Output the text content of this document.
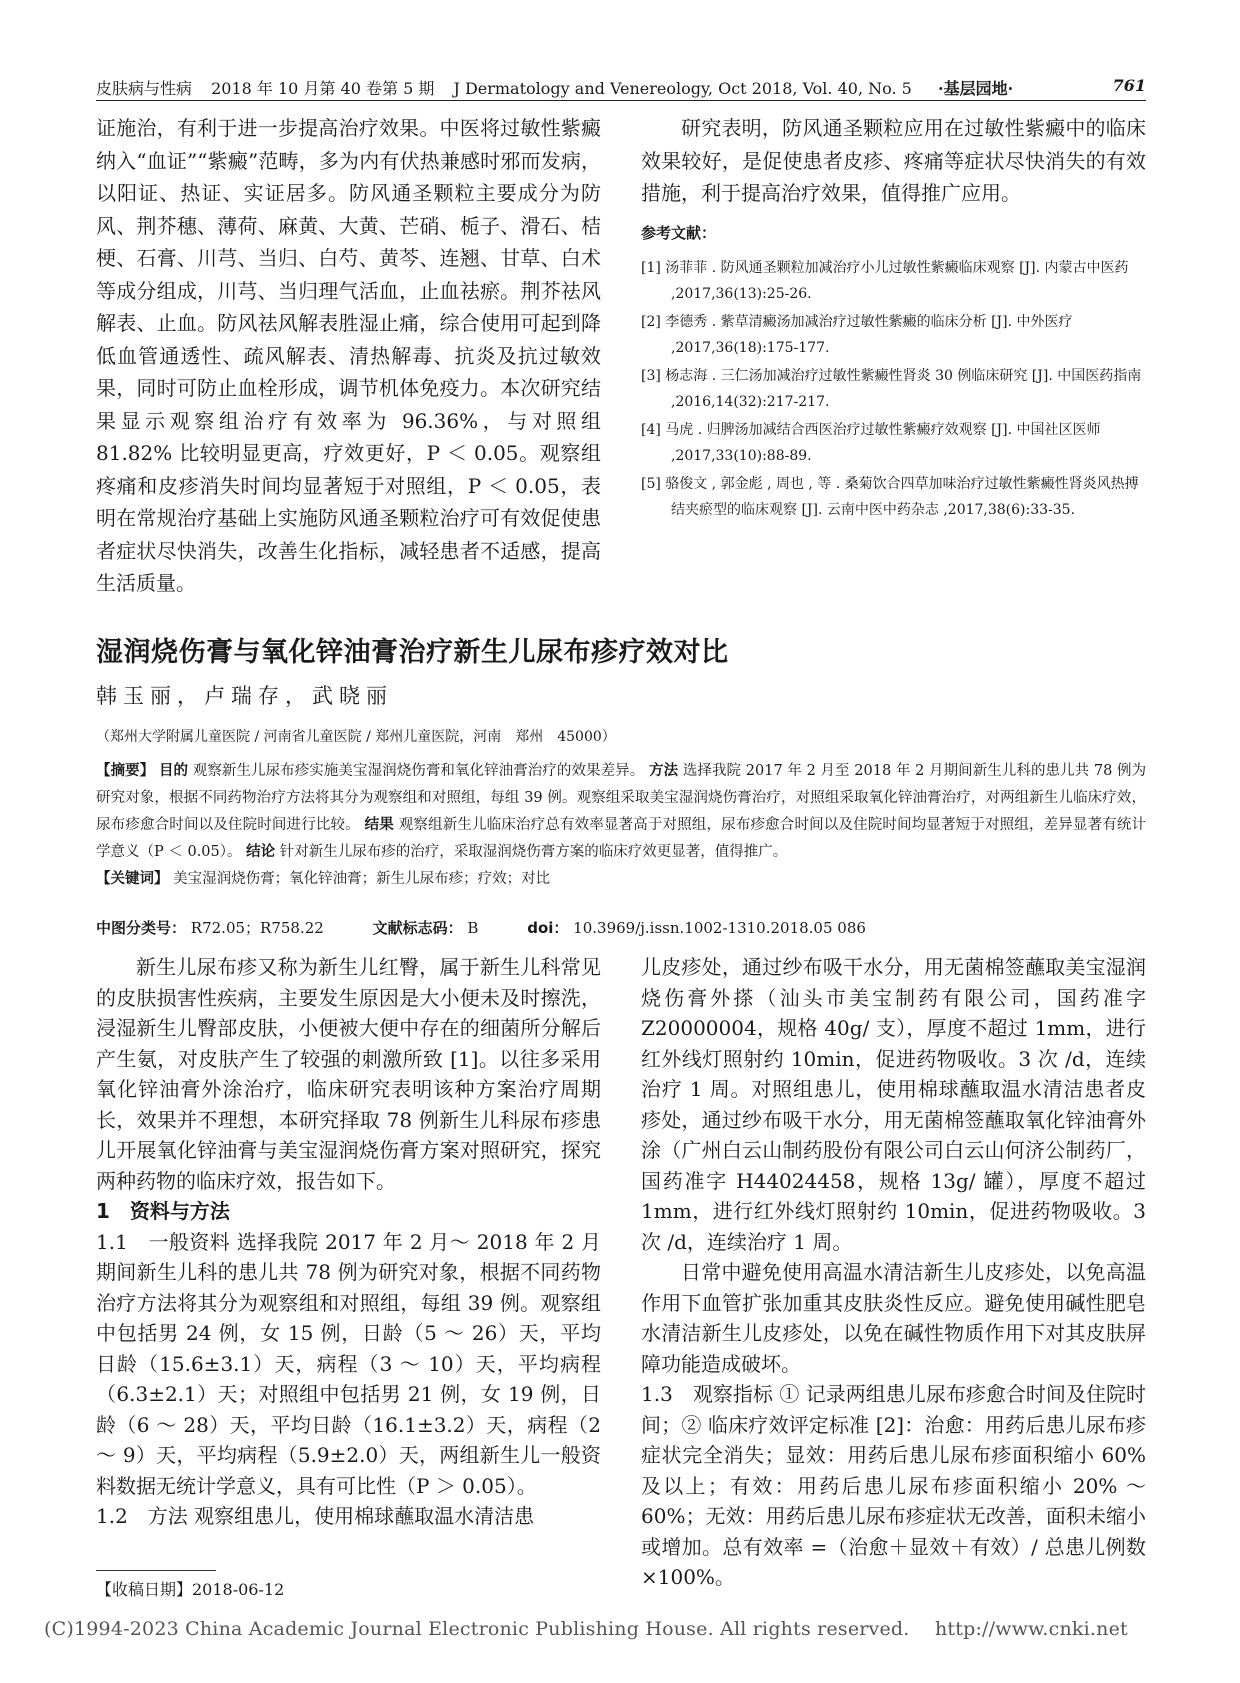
皮肤病与性病 2018 年 10 月第 40 卷第 5 期 J Dermatology and Venereology, Oct 2018, Vol. 40, No. 5 ·基层园地·	761

证施治，有利于进一步提高治疗效果。中医将过敏性紫癜纳入“血证”“紫癜”范畴，多为内有伏热兼感时邪而发病，以阳证、热证、实证居多。防风通圣颗粒主要成分为防风、荆芥穗、薄荷、麻黄、大黄、芒硝、栀子、滑石、桔梗、石膏、川芎、当归、白芍、黄芩、连翘、甘草、白术等成分组成，川芎、当归理气活血，止血祛瘀。荆芥祛风解表、止血。防风祛风解表胜湿止痛，综合使用可起到降低血管通透性、疏风解表、清热解毒、抗炎及抗过敏效果，同时可防止血栓形成，调节机体免疫力。本次研究结果显示观察组治疗有效率为 96.36%，与对照组 81.82% 比较明显更高，疗效更好，P ＜ 0.05。观察组疼痛和皮疹消失时间均显著短于对照组，P ＜ 0.05，表明在常规治疗基础上实施防风通圣颗粒治疗可有效促使患者症状尽快消失，改善生化指标，减轻患者不适感，提高生活质量。

研究表明，防风通圣颗粒应用在过敏性紫癜中的临床效果较好，是促使患者皮疹、疼痛等症状尽快消失的有效措施，利于提高治疗效果，值得推广应用。

参考文献：

[1] 汤菲菲 . 防风通圣颗粒加减治疗小儿过敏性紫癜临床观察 [J]. 内蒙古中医药 ,2017,36(13):25-26.

[2] 李德秀 . 紫草清癜汤加减治疗过敏性紫癜的临床分析 [J]. 中外医疗 ,2017,36(18):175-177.

[3] 杨志海 . 三仁汤加减治疗过敏性紫癜性肾炎 30 例临床研究 [J]. 中国医药指南 ,2016,14(32):217-217.

[4] 马虎 . 归脾汤加减结合西医治疗过敏性紫癜疗效观察 [J]. 中国社区医师 ,2017,33(10):88-89.

[5] 骆俊文 , 郭金彪 , 周也 , 等 . 桑菊饮合四草加味治疗过敏性紫癜性肾炎风热搏结夹瘀型的临床观察 [J]. 云南中医中药杂志 ,2017,38(6):33-35.

湿润烧伤膏与氧化锌油膏治疗新生儿尿布疹疗效对比
韩玉丽，卢瑞存，武晓丽
（郑州大学附属儿童医院 / 河南省儿童医院 / 郑州儿童医院，河南　郑州　45000）

【摘要】 目的 观察新生儿尿布疹实施美宝湿润烧伤膏和氧化锌油膏治疗的效果差异。 方法 选择我院 2017 年 2 月至 2018 年 2 月期间新生儿科的患儿共 78 例为研究对象，根据不同药物治疗方法将其分为观察组和对照组，每组 39 例。观察组采取美宝湿润烧伤膏治疗，对照组采取氧化锌油膏治疗，对两组新生儿临床疗效，尿布疹愈合时间以及住院时间进行比较。 结果 观察组新生儿临床治疗总有效率显著高于对照组，尿布疹愈合时间以及住院时间均显著短于对照组，差异显著有统计学意义（P ＜ 0.05）。 结论 针对新生儿尿布疹的治疗，采取湿润烧伤膏方案的临床疗效更显著，值得推广。

【关键词】 美宝湿润烧伤膏；氧化锌油膏；新生儿尿布疹；疗效；对比

中图分类号： R72.05；R758.22	文献标志码： B	doi： 10.3969/j.issn.1002-1310.2018.05 086

新生儿尿布疹又称为新生儿红臀，属于新生儿科常见的皮肤损害性疾病，主要发生原因是大小便未及时擦洗，浸湿新生儿臀部皮肤，小便被大便中存在的细菌所分解后产生氨，对皮肤产生了较强的刺激所致 [1]。以往多采用氧化锌油膏外涂治疗，临床研究表明该种方案治疗周期长，效果并不理想，本研究择取 78 例新生儿科尿布疹患儿开展氧化锌油膏与美宝湿润烧伤膏方案对照研究，探究两种药物的临床疗效，报告如下。

1　资料与方法

1.1　一般资料 选择我院 2017 年 2 月～ 2018 年 2 月期间新生儿科的患儿共 78 例为研究对象，根据不同药物治疗方法将其分为观察组和对照组，每组 39 例。观察组中包括男 24 例，女 15 例，日龄（5 ～ 26）天，平均日龄（15.6±3.1）天，病程（3 ～ 10）天，平均病程（6.3±2.1）天；对照组中包括男 21 例，女 19 例，日龄（6 ～ 28）天，平均日龄（16.1±3.2）天，病程（2 ～ 9）天，平均病程（5.9±2.0）天，两组新生儿一般资料数据无统计学意义，具有可比性（P ＞ 0.05）。

1.2　方法 观察组患儿，使用棉球蘸取温水清洁患

儿皮疹处，通过纱布吸干水分，用无菌棉签蘸取美宝湿润烧伤膏外搽（汕头市美宝制药有限公司，国药准字 Z20000004，规格 40g/ 支），厚度不超过 1mm，进行红外线灯照射约 10min，促进药物吸收。3 次 /d，连续治疗 1 周。对照组患儿，使用棉球蘸取温水清洁患者皮疹处，通过纱布吸干水分，用无菌棉签蘸取氧化锌油膏外涂（广州白云山制药股份有限公司白云山何济公制药厂，国药准字 H44024458，规格 13g/ 罐），厚度不超过 1mm，进行红外线灯照射约 10min，促进药物吸收。3 次 /d，连续治疗 1 周。

日常中避免使用高温水清洁新生儿皮疹处，以免高温作用下血管扩张加重其皮肤炎性反应。避免使用碱性肥皂水清洁新生儿皮疹处，以免在碱性物质作用下对其皮肤屏障功能造成破坏。

1.3　观察指标 ① 记录两组患儿尿布疹愈合时间及住院时间；② 临床疗效评定标准 [2]：治愈：用药后患儿尿布疹症状完全消失；显效：用药后患儿尿布疹面积缩小 60% 及以上；有效：用药后患儿尿布疹面积缩小 20% ～ 60%；无效：用药后患儿尿布疹症状无改善，面积未缩小或增加。总有效率 =（治愈＋显效＋有效）/ 总患儿例数 ×100%。

【收稿日期】2018-06-12
(C)1994-2023 China Academic Journal Electronic Publishing House. All rights reserved.　 http://www.cnki.net
